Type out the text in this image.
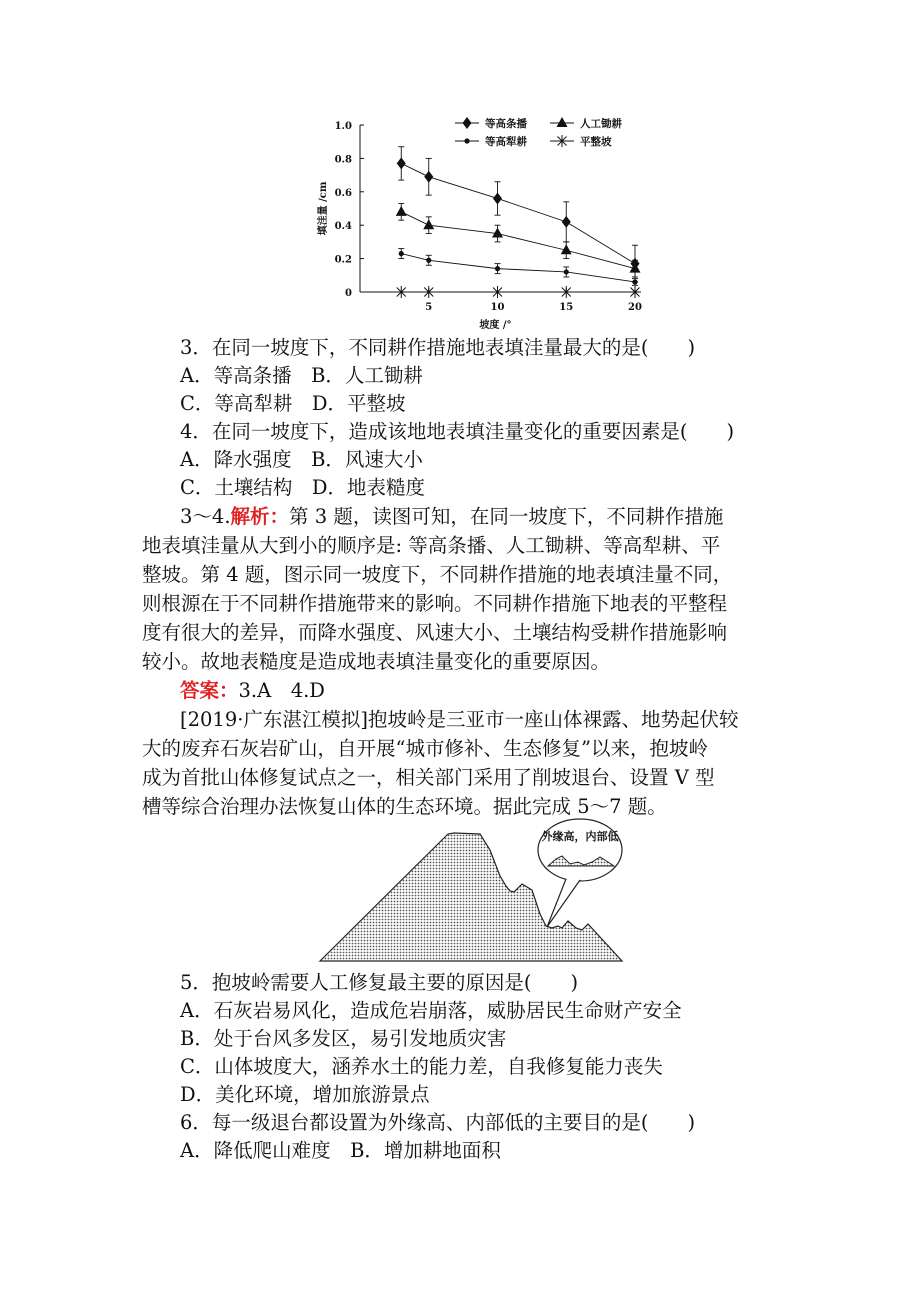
0
0.2
0.4
0.6
0.8
1.0
5	10	15	20
坡度 /°
填洼量 /cm
等高条播	人工锄耕
等高犁耕	平整坡
3．在同一坡度下，不同耕作措施地表填洼量最大的是(　　)
A．等高条播　B．人工锄耕
C．等高犁耕　D．平整坡
4．在同一坡度下，造成该地地表填洼量变化的重要因素是(　　)
A．降水强度　B．风速大小
C．土壤结构　D．地表糙度
3～4.解析：第 3 题，读图可知，在同一坡度下，不同耕作措施
地表填洼量从大到小的顺序是: 等高条播、人工锄耕、等高犁耕、平
整坡。第 4 题，图示同一坡度下，不同耕作措施的地表填洼量不同，
则根源在于不同耕作措施带来的影响。不同耕作措施下地表的平整程
度有很大的差异，而降水强度、风速大小、土壤结构受耕作措施影响
较小。故地表糙度是造成地表填洼量变化的重要原因。
答案：3.A　4.D
[2019·广东湛江模拟]抱坡岭是三亚市一座山体裸露、地势起伏较
大的废弃石灰岩矿山，自开展“城市修补、生态修复”以来，抱坡岭
成为首批山体修复试点之一，相关部门采用了削坡退台、设置 V 型
槽等综合治理办法恢复山体的生态环境。据此完成 5～7 题。
外缘高，内部低
5．抱坡岭需要人工修复最主要的原因是(　　)
A．石灰岩易风化，造成危岩崩落，威胁居民生命财产安全
B．处于台风多发区，易引发地质灾害
C．山体坡度大，涵养水土的能力差，自我修复能力丧失
D．美化环境，增加旅游景点
6．每一级退台都设置为外缘高、内部低的主要目的是(　　)
A．降低爬山难度　B．增加耕地面积
